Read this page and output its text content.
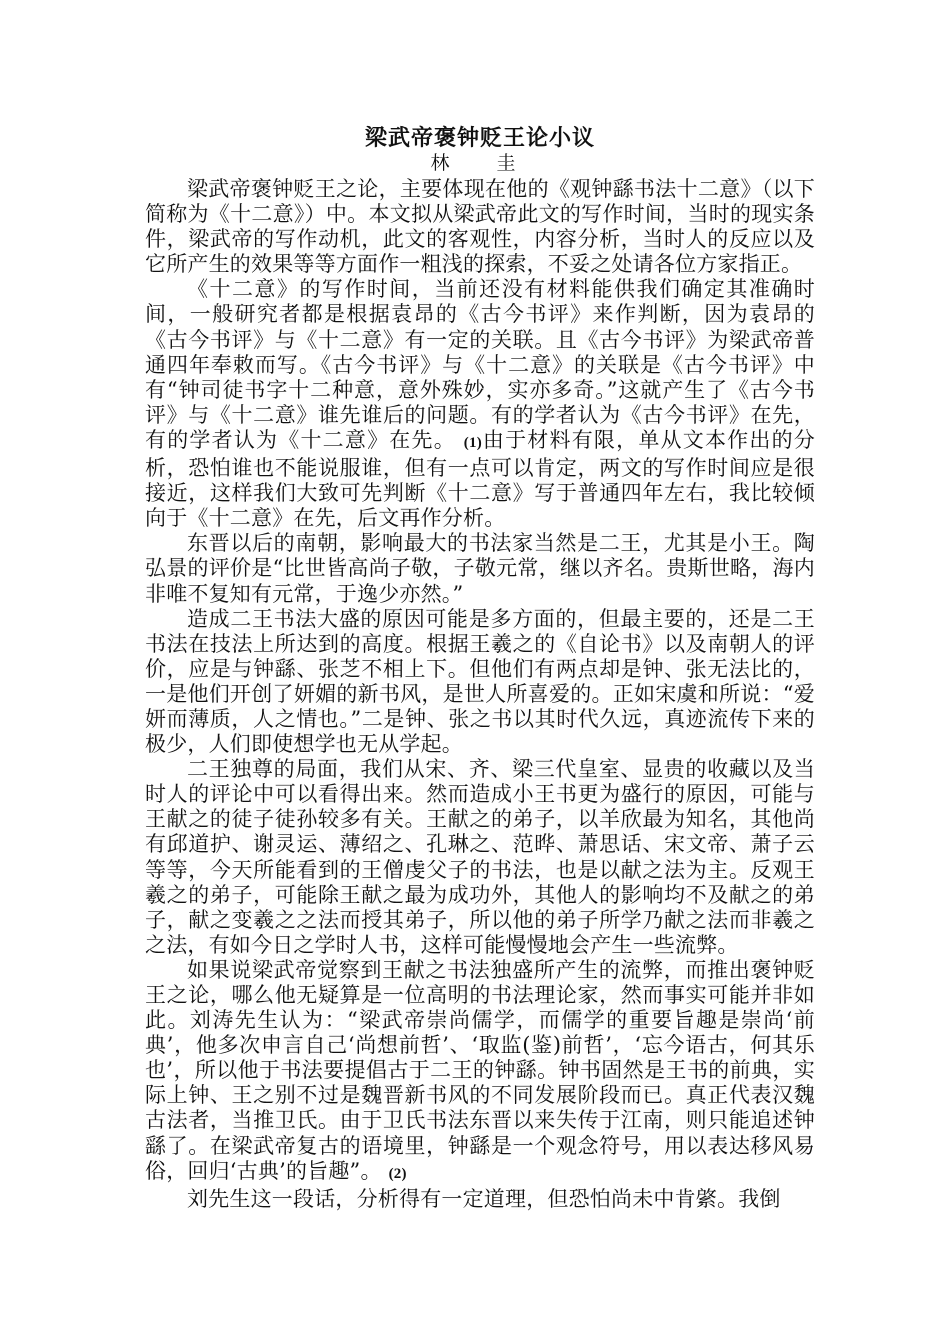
梁武帝褒钟贬王论小议
林　圭

梁武帝褒钟贬王之论，主要体现在他的《观钟繇书法十二意》（以下简称为《十二意》）中。本文拟从梁武帝此文的写作时间，当时的现实条件，梁武帝的写作动机，此文的客观性，内容分析，当时人的反应以及它所产生的效果等等方面作一粗浅的探索，不妥之处请各位方家指正。

《十二意》的写作时间，当前还没有材料能供我们确定其准确时间，一般研究者都是根据袁昂的《古今书评》来作判断，因为袁昂的《古今书评》与《十二意》有一定的关联。且《古今书评》为梁武帝普通四年奉敕而写。《古今书评》与《十二意》的关联是《古今书评》中有“钟司徒书字十二种意，意外殊妙，实亦多奇。”这就产生了《古今书评》与《十二意》谁先谁后的问题。有的学者认为《古今书评》在先，有的学者认为《十二意》在先。 (1)由于材料有限，单从文本作出的分析，恐怕谁也不能说服谁，但有一点可以肯定，两文的写作时间应是很接近，这样我们大致可先判断《十二意》写于普通四年左右，我比较倾向于《十二意》在先，后文再作分析。

东晋以后的南朝，影响最大的书法家当然是二王，尤其是小王。陶弘景的评价是“比世皆高尚子敬，子敬元常，继以齐名。贵斯世略，海内非唯不复知有元常，于逸少亦然。”

造成二王书法大盛的原因可能是多方面的，但最主要的，还是二王书法在技法上所达到的高度。根据王羲之的《自论书》以及南朝人的评价，应是与钟繇、张芝不相上下。但他们有两点却是钟、张无法比的，一是他们开创了妍媚的新书风，是世人所喜爱的。正如宋虞和所说：“爱妍而薄质，人之情也。”二是钟、张之书以其时代久远，真迹流传下来的极少，人们即使想学也无从学起。

二王独尊的局面，我们从宋、齐、梁三代皇室、显贵的收藏以及当时人的评论中可以看得出来。然而造成小王书更为盛行的原因，可能与王献之的徒子徒孙较多有关。王献之的弟子，以羊欣最为知名，其他尚有邱道护、谢灵运、薄绍之、孔琳之、范晔、萧思话、宋文帝、萧子云等等，今天所能看到的王僧虔父子的书法，也是以献之法为主。反观王羲之的弟子，可能除王献之最为成功外，其他人的影响均不及献之的弟子，献之变羲之之法而授其弟子，所以他的弟子所学乃献之法而非羲之之法，有如今日之学时人书，这样可能慢慢地会产生一些流弊。

如果说梁武帝觉察到王献之书法独盛所产生的流弊，而推出褒钟贬王之论，哪么他无疑算是一位高明的书法理论家，然而事实可能并非如此。刘涛先生认为：“梁武帝崇尚儒学，而儒学的重要旨趣是崇尚‘前典’，他多次申言自己‘尚想前哲’、‘取监(鉴)前哲’，‘忘今语古，何其乐也’，所以他于书法要提倡古于二王的钟繇。钟书固然是王书的前典，实际上钟、王之别不过是魏晋新书风的不同发展阶段而已。真正代表汉魏古法者，当推卫氏。由于卫氏书法东晋以来失传于江南，则只能追述钟繇了。在梁武帝复古的语境里，钟繇是一个观念符号，用以表达移风易俗，回归‘古典’的旨趣”。 (2)

刘先生这一段话，分析得有一定道理，但恐怕尚未中肯綮。我倒
